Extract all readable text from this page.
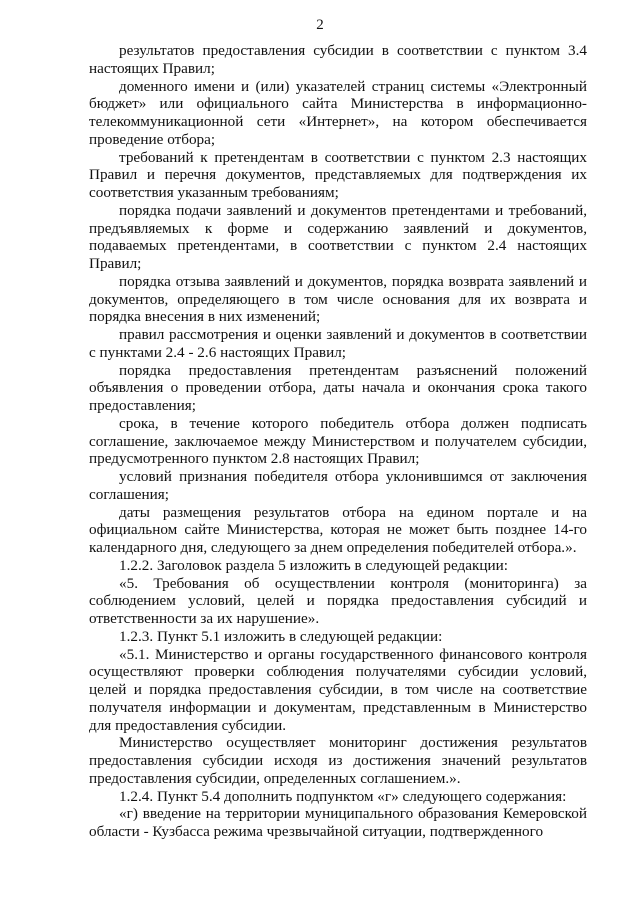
2

результатов предоставления субсидии в соответствии с пунктом 3.4 настоящих Правил;

доменного имени и (или) указателей страниц системы «Электронный бюджет» или официального сайта Министерства в информационно-телекоммуникационной сети «Интернет», на котором обеспечивается проведение отбора;

требований к претендентам в соответствии с пунктом 2.3 настоящих Правил и перечня документов, представляемых для подтверждения их соответствия указанным требованиям;

порядка подачи заявлений и документов претендентами и требований, предъявляемых к форме и содержанию заявлений и документов, подаваемых претендентами, в соответствии с пунктом 2.4 настоящих Правил;

порядка отзыва заявлений и документов, порядка возврата заявлений и документов, определяющего в том числе основания для их возврата и порядка внесения в них изменений;

правил рассмотрения и оценки заявлений и документов в соответствии с пунктами 2.4 - 2.6 настоящих Правил;

порядка предоставления претендентам разъяснений положений объявления о проведении отбора, даты начала и окончания срока такого предоставления;

срока, в течение которого победитель отбора должен подписать соглашение, заключаемое между Министерством и получателем субсидии, предусмотренного пунктом 2.8 настоящих Правил;

условий признания победителя отбора уклонившимся от заключения соглашения;

даты размещения результатов отбора на едином портале и на официальном сайте Министерства, которая не может быть позднее 14-го календарного дня, следующего за днем определения победителей отбора.».

1.2.2. Заголовок раздела 5 изложить в следующей редакции:

«5. Требования об осуществлении контроля (мониторинга) за соблюдением условий, целей и порядка предоставления субсидий и ответственности за их нарушение».

1.2.3. Пункт 5.1 изложить в следующей редакции:

«5.1. Министерство и органы государственного финансового контроля осуществляют проверки соблюдения получателями субсидии условий, целей и порядка предоставления субсидии, в том числе на соответствие получателя информации и документам, представленным в Министерство для предоставления субсидии.

Министерство осуществляет мониторинг достижения результатов предоставления субсидии исходя из достижения значений результатов предоставления субсидии, определенных соглашением.».

1.2.4. Пункт 5.4 дополнить подпунктом «г» следующего содержания:

«г) введение на территории муниципального образования Кемеровской области - Кузбасса режима чрезвычайной ситуации, подтвержденного
